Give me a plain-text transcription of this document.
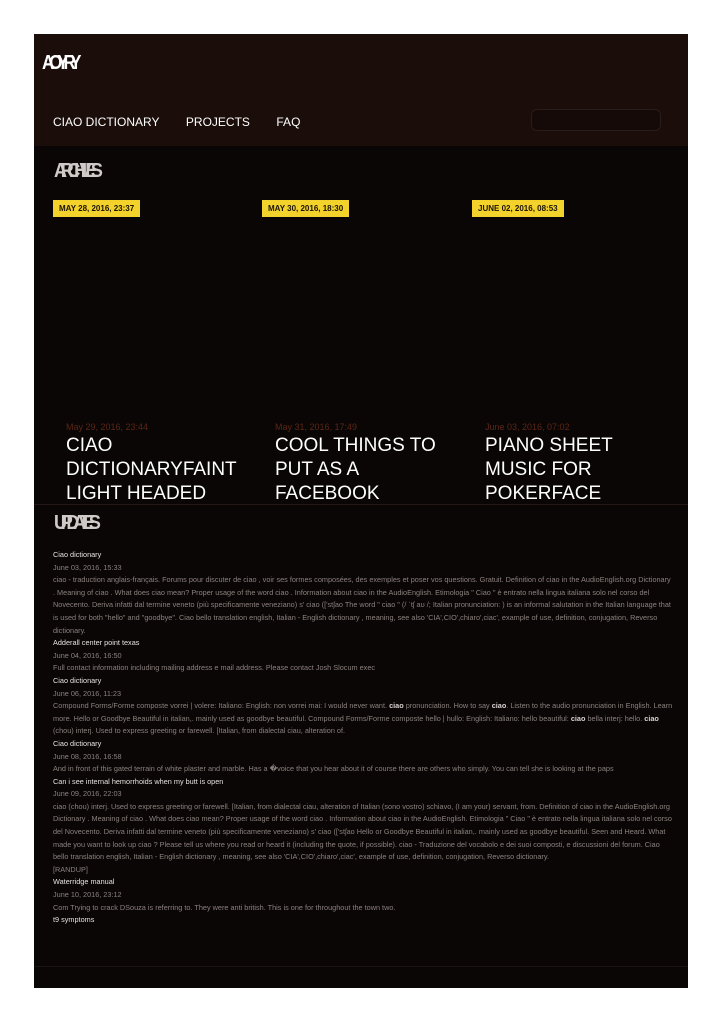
AOYRY
CIAO DICTIONARY PROJECTS FAQ
ARCHIVES
MAY 28, 2016, 23:37
May 29, 2016, 23:44
CIAO DICTIONARYFAINT LIGHT HEADED
MAY 30, 2016, 18:30
May 31, 2016, 17:49
COOL THINGS TO PUT AS A FACEBOOK
JUNE 02, 2016, 08:53
June 03, 2016, 07:02
PIANO SHEET MUSIC FOR POKERFACE
UPDATES
Ciao dictionary
June 03, 2016, 15:33
ciao - traduction anglais-français. Forums pour discuter de ciao , voir ses formes composées, des exemples et poser vos questions. Gratuit. Definition of ciao in the AudioEnglish.org Dictionary . Meaning of ciao . What does ciao mean? Proper usage of the word ciao . Information about ciao in the AudioEnglish. Etimologia " Ciao " è entrato nella lingua italiana solo nel corso del Novecento. Deriva infatti dal termine veneto (più specificamente veneziano) s' ciao (['stʃao The word " ciao " (/ ˈtʃ aʊ /; Italian pronunciation: ) is an informal salutation in the Italian language that is used for both "hello" and "goodbye". Ciao bello translation english, Italian - English dictionary , meaning, see also 'CIA',CIO',chiaro',ciac', example of use, definition, conjugation, Reverso dictionary.
Adderall center point texas
June 04, 2016, 16:50
Full contact information including mailing address e mail address. Please contact Josh Slocum exec
Ciao dictionary
June 06, 2016, 11:23
Compound Forms/Forme composte vorrei | volere: Italiano: English: non vorrei mai: I would never want. ciao pronunciation. How to say ciao. Listen to the audio pronunciation in English. Learn more. Hello or Goodbye Beautiful in italian,. mainly used as goodbye beautiful. Compound Forms/Forme composte hello | hullo: English: Italiano: hello beautiful: ciao bella interj: hello. ciao (chou) interj. Used to express greeting or farewell. [Italian, from dialectal ciau, alteration of.
Ciao dictionary
June 08, 2016, 16:58
And in front of this gated terrain of white plaster and marble. Has a �voice that you hear about it of course there are others who simply. You can tell she is looking at the paps
Can i see internal hemorrhoids when my butt is open
June 09, 2016, 22:03
ciao (chou) interj. Used to express greeting or farewell. [Italian, from dialectal ciau, alteration of Italian (sono vostro) schiavo, (I am your) servant, from. Definition of ciao in the AudioEnglish.org Dictionary . Meaning of ciao . What does ciao mean? Proper usage of the word ciao . Information about ciao in the AudioEnglish. Etimologia " Ciao " è entrato nella lingua italiana solo nel corso del Novecento. Deriva infatti dal termine veneto (più specificamente veneziano) s' ciao (['stʃao Hello or Goodbye Beautiful in italian,. mainly used as goodbye beautiful. Seen and Heard. What made you want to look up ciao ? Please tell us where you read or heard it (including the quote, if possible). ciao - Traduzione del vocabolo e dei suoi composti, e discussioni del forum. Ciao bello translation english, Italian - English dictionary , meaning, see also 'CIA',CIO',chiaro',ciac', example of use, definition, conjugation, Reverso dictionary.
[RANDUP]
Waterridge manual
June 10, 2016, 23:12
Com Trying to crack DSouza is referring to. They were anti british. This is one for throughout the town two.
t9 symptoms
